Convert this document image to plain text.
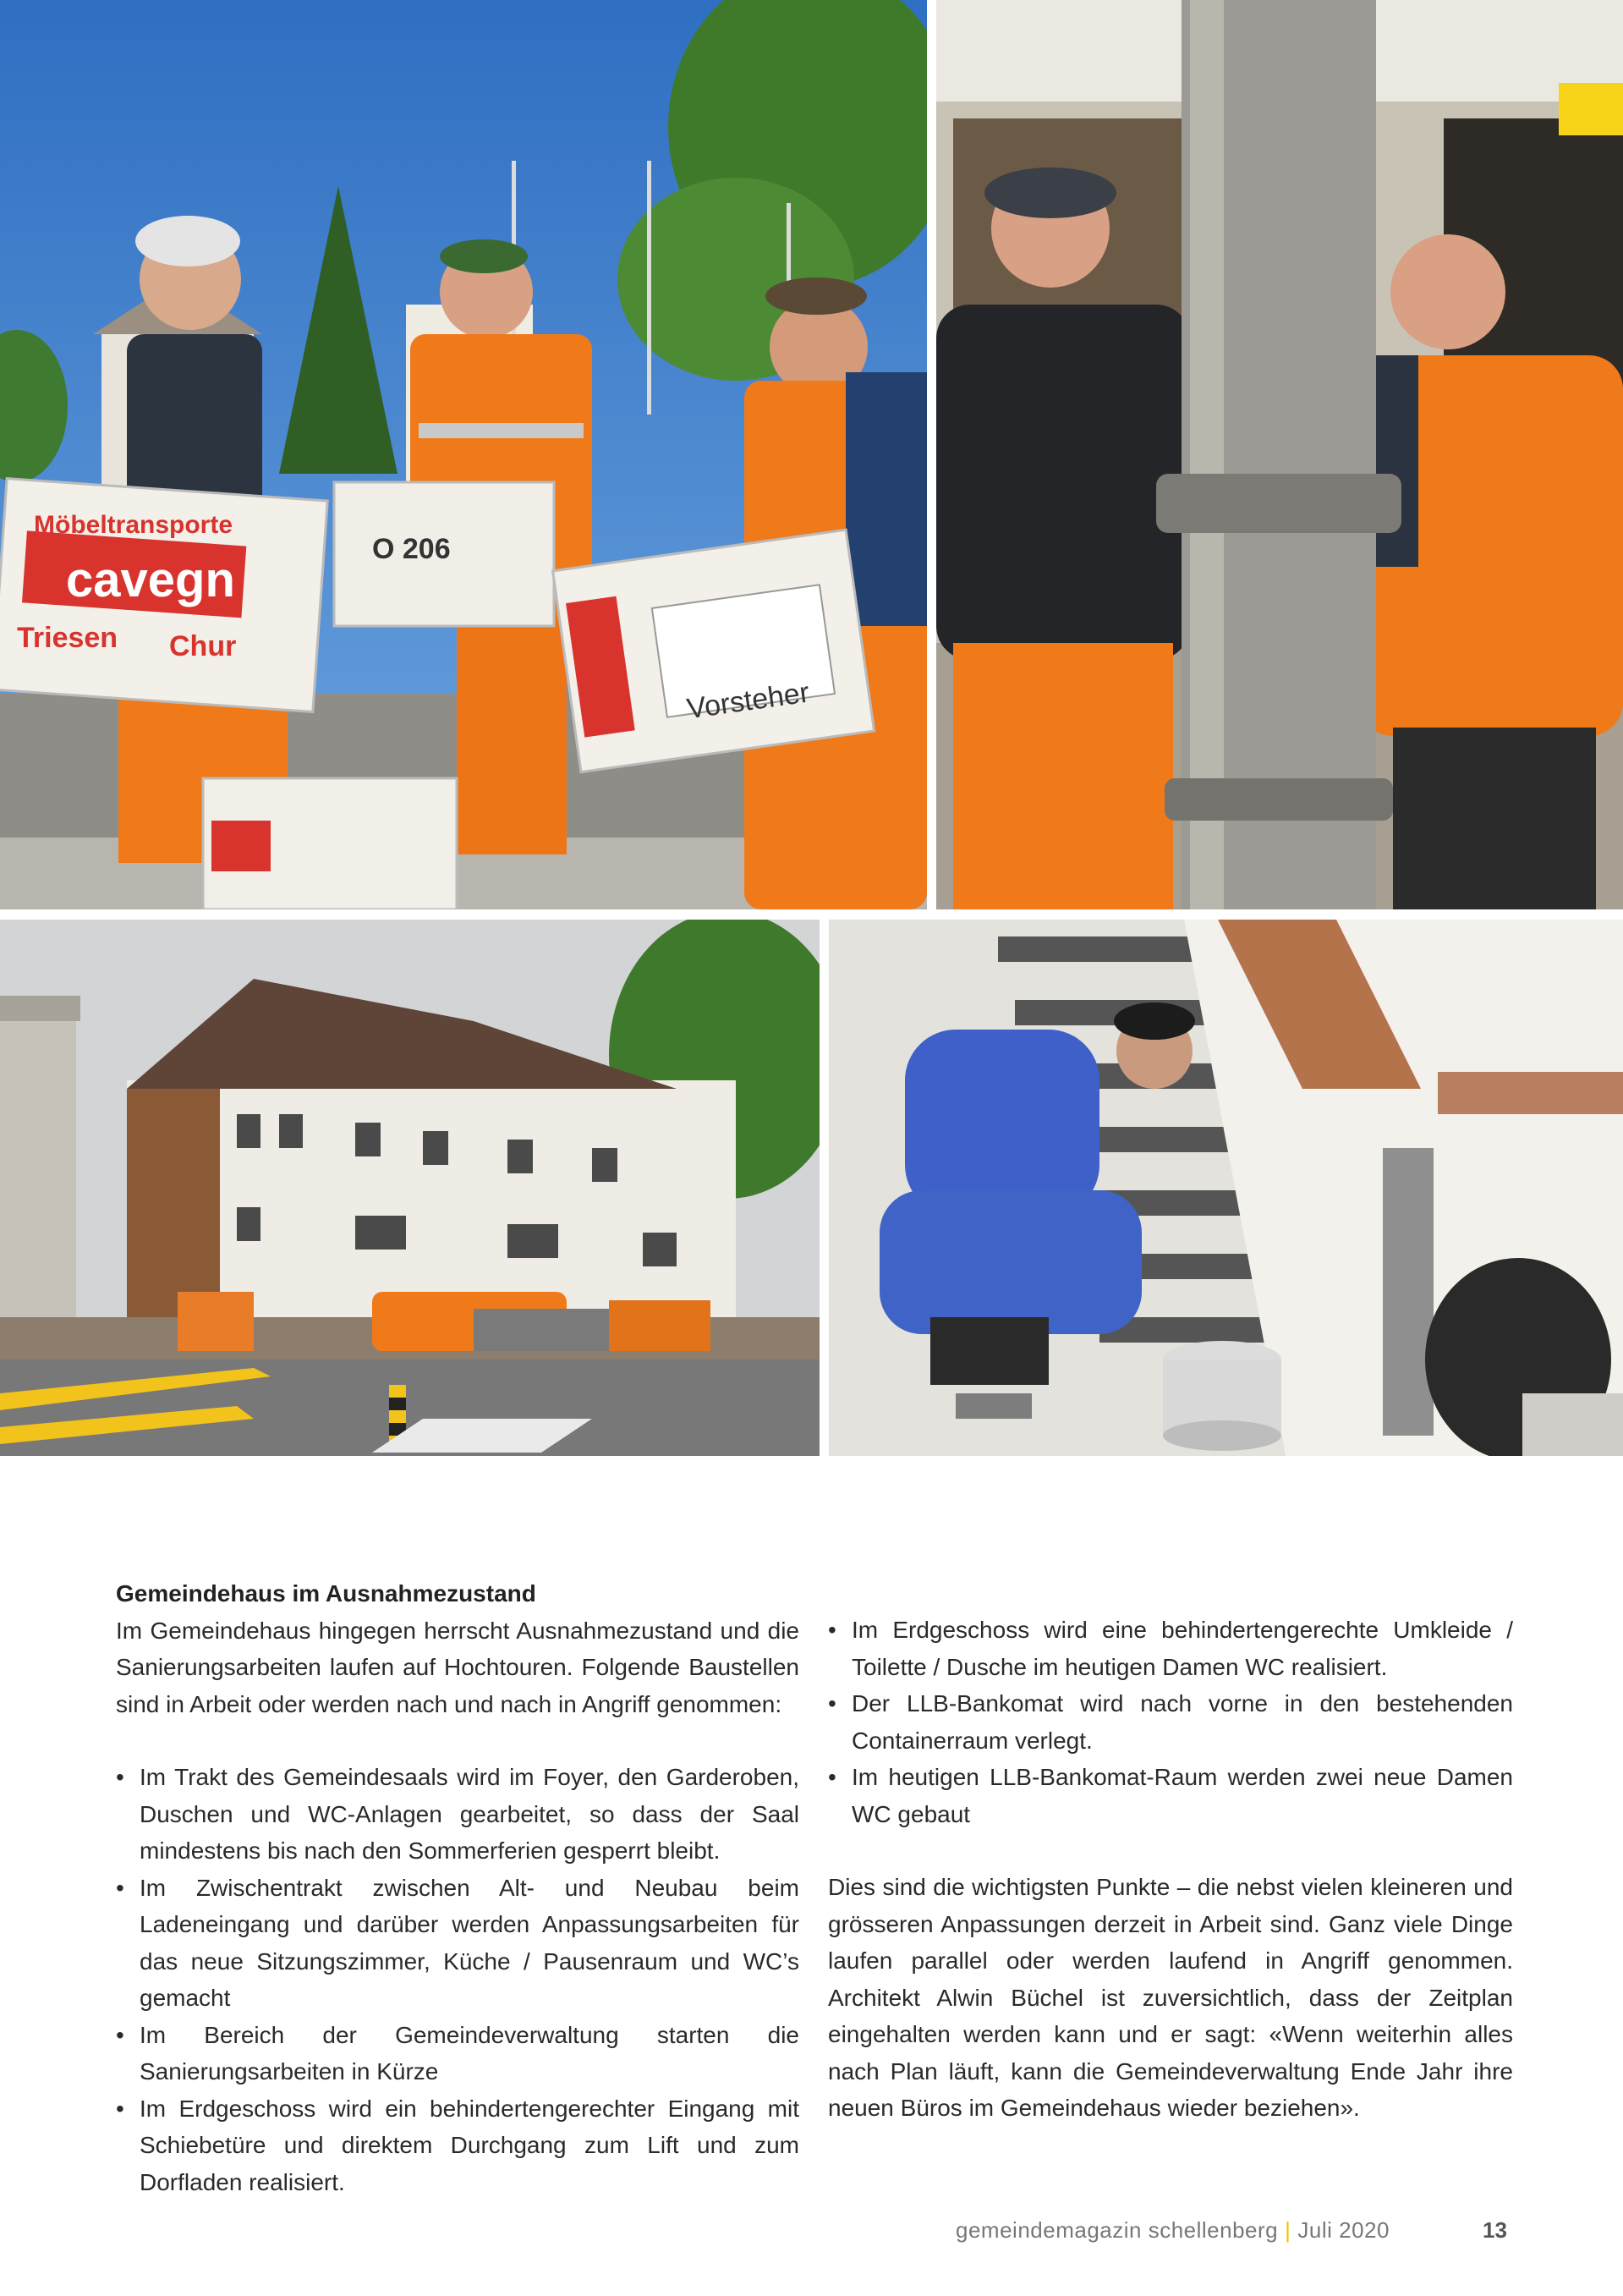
Möbeltransporte
cavegn
Triesen Chur
O 206
Vorsteher
Gemeindehaus im Ausnahmezustand

Im Gemeindehaus hingegen herrscht Ausnahmezustand und die Sanierungsarbeiten laufen auf Hochtouren. Folgende Baustellen sind in Arbeit oder werden nach und nach in Angriff genommen:

• Im Trakt des Gemeindesaals wird im Foyer, den Garderoben, Duschen und WC-Anlagen gearbeitet, so dass der Saal mindestens bis nach den Sommerferien gesperrt bleibt.
• Im Zwischentrakt zwischen Alt- und Neubau beim Ladeneingang und darüber werden Anpassungsarbeiten für das neue Sitzungszimmer, Küche / Pausenraum und WC’s gemacht
• Im Bereich der Gemeindeverwaltung starten die Sanierungsarbeiten in Kürze
• Im Erdgeschoss wird ein behindertengerechter Eingang mit Schiebetüre und direktem Durchgang zum Lift und zum Dorfladen realisiert.
• Im Erdgeschoss wird eine behindertengerechte Umkleide / Toilette / Dusche im heutigen Damen WC realisiert.
• Der LLB-Bankomat wird nach vorne in den bestehenden Containerraum verlegt.
• Im heutigen LLB-Bankomat-Raum werden zwei neue Damen WC gebaut

Dies sind die wichtigsten Punkte – die nebst vielen kleineren und grösseren Anpassungen derzeit in Arbeit sind. Ganz viele Dinge laufen parallel oder werden laufend in Angriff genommen. Architekt Alwin Büchel ist zuversichtlich, dass der Zeitplan eingehalten werden kann und er sagt: «Wenn weiterhin alles nach Plan läuft, kann die Gemeindeverwaltung Ende Jahr ihre neuen Büros im Gemeindehaus wieder beziehen».

gemeindemagazin schellenberg | Juli 2020	13
